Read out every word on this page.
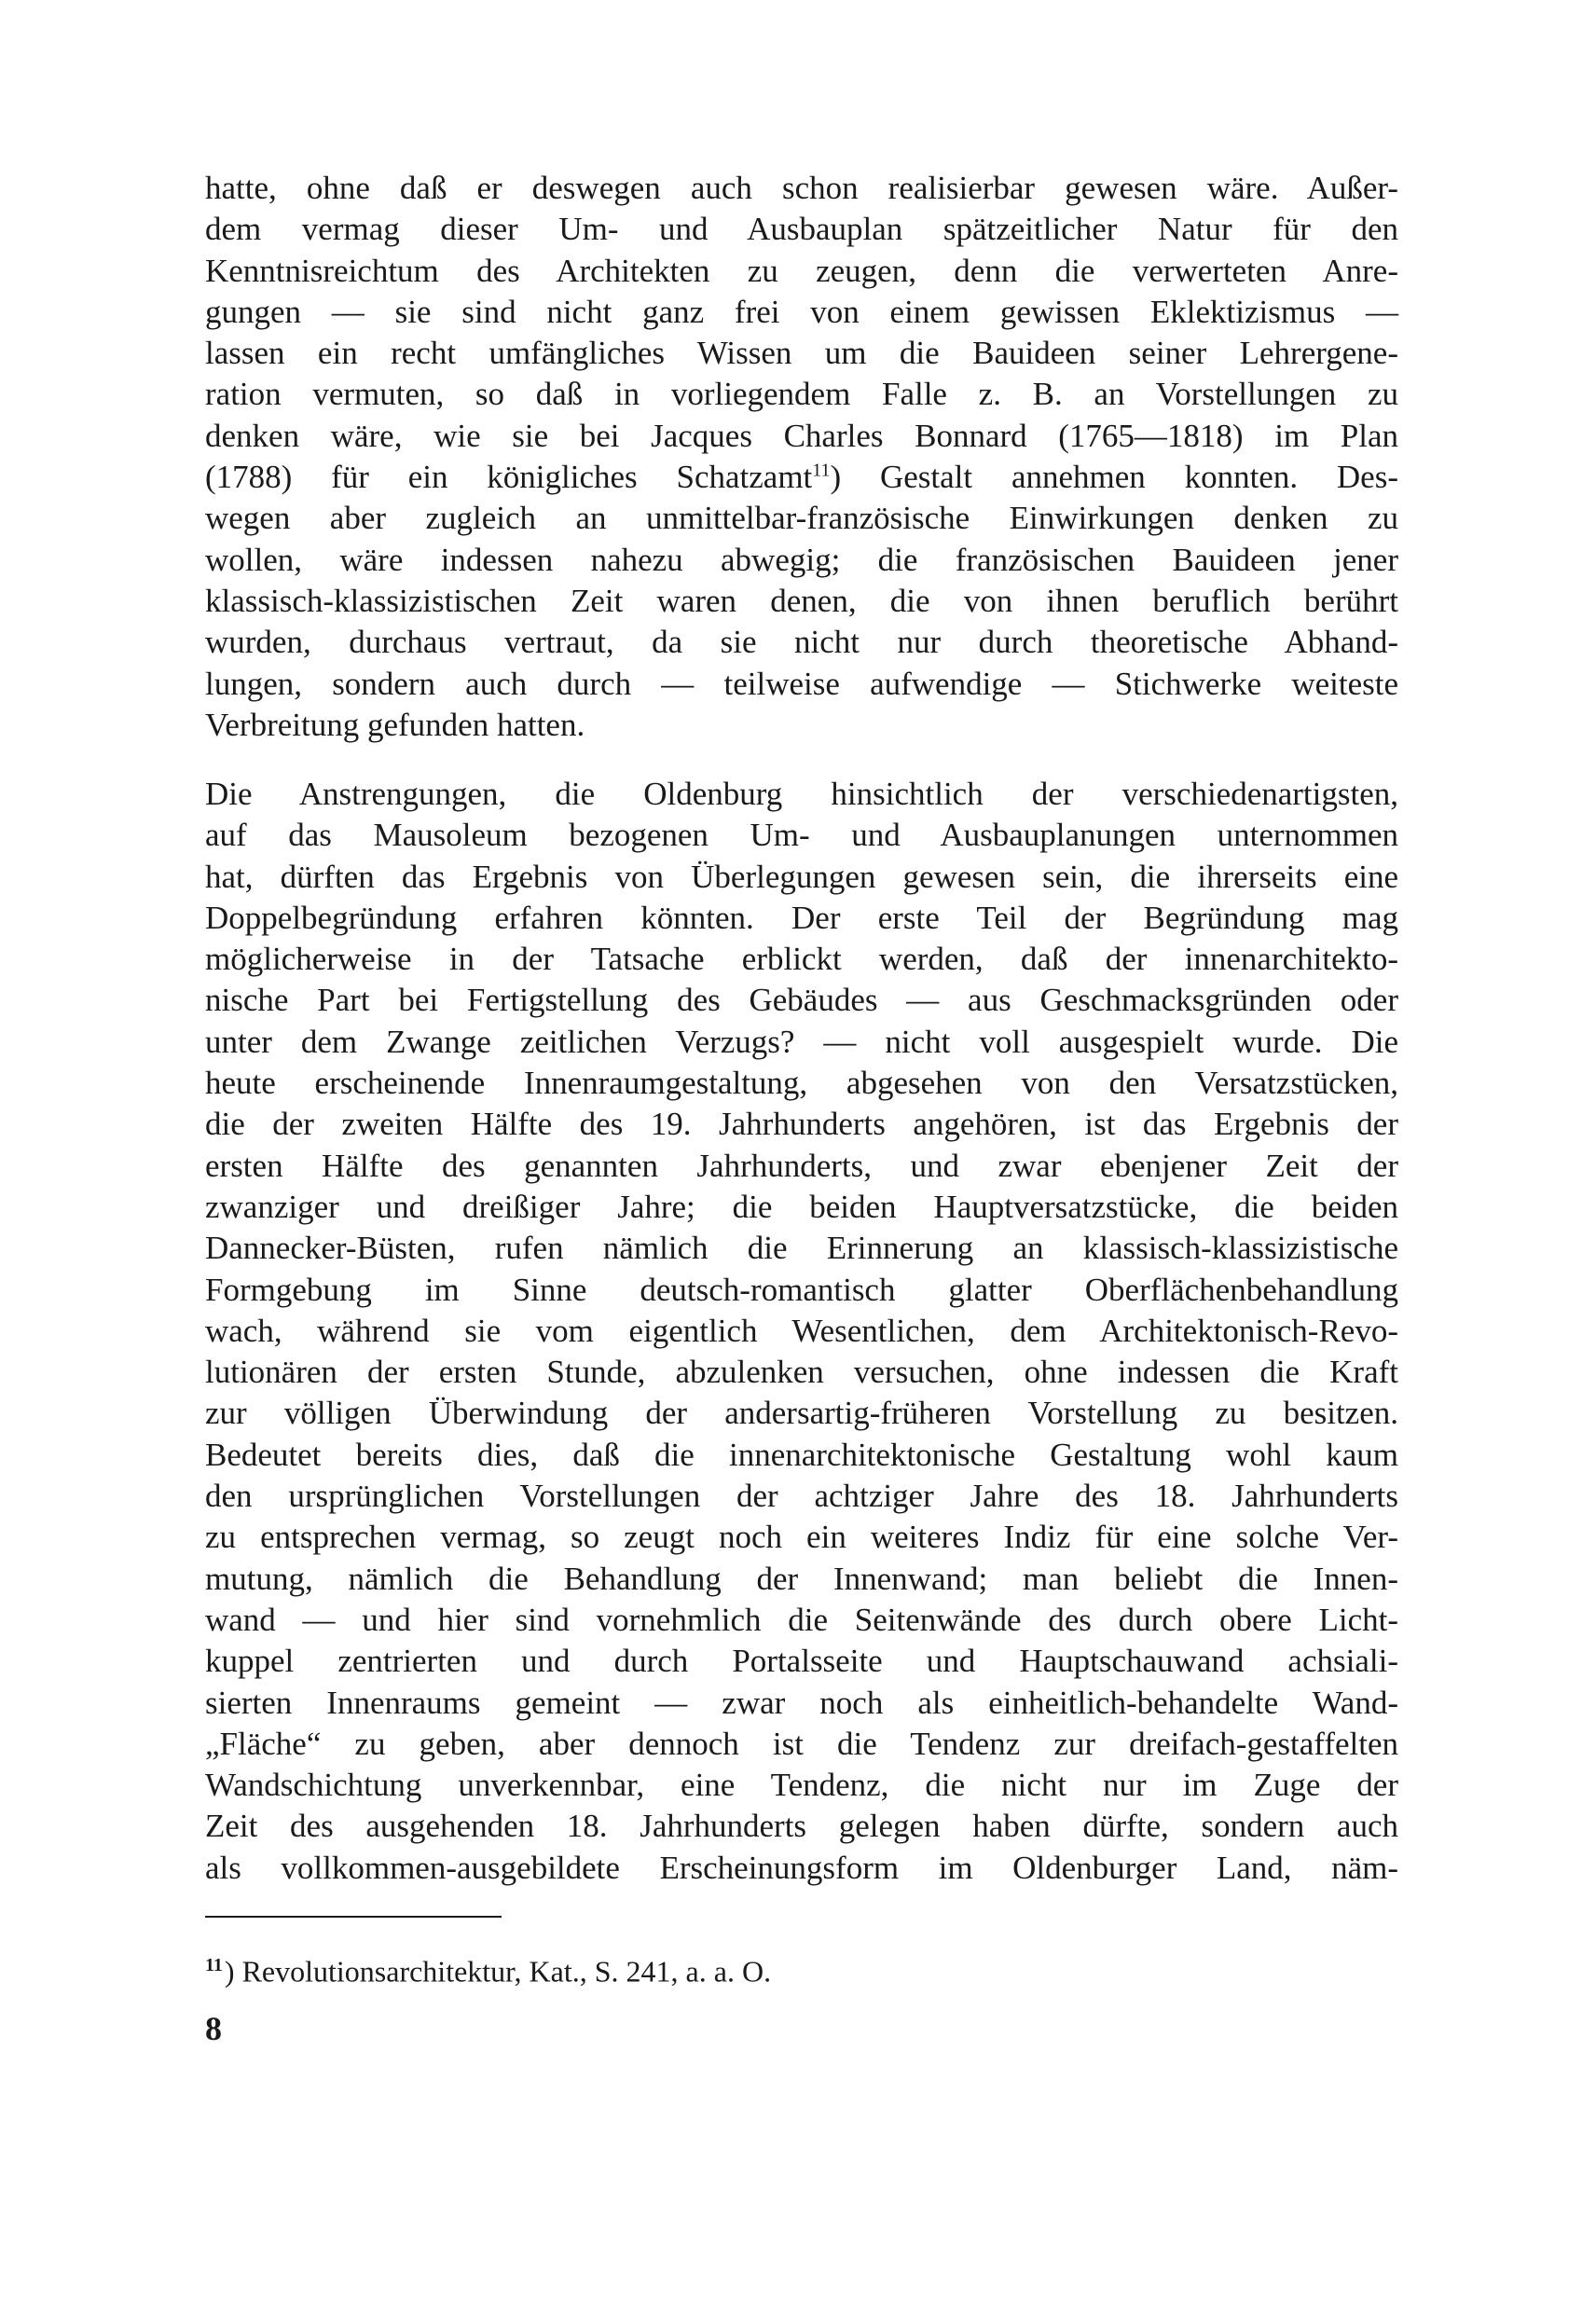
hatte, ohne daß er deswegen auch schon realisierbar gewesen wäre. Außer-
dem vermag dieser Um- und Ausbauplan spätzeitlicher Natur für den
Kenntnisreichtum des Architekten zu zeugen, denn die verwerteten Anre-
gungen — sie sind nicht ganz frei von einem gewissen Eklektizismus —
lassen ein recht umfängliches Wissen um die Bauideen seiner Lehrergene-
ration vermuten, so daß in vorliegendem Falle z. B. an Vorstellungen zu
denken wäre, wie sie bei Jacques Charles Bonnard (1765—1818) im Plan
(1788) für ein königliches Schatzamt$^{11}$) Gestalt annehmen konnten. Des-
wegen aber zugleich an unmittelbar-französische Einwirkungen denken zu
wollen, wäre indessen nahezu abwegig; die französischen Bauideen jener
klassisch-klassizistischen Zeit waren denen, die von ihnen beruflich berührt
wurden, durchaus vertraut, da sie nicht nur durch theoretische Abhand-
lungen, sondern auch durch — teilweise aufwendige — Stichwerke weiteste
Verbreitung gefunden hatten.
Die Anstrengungen, die Oldenburg hinsichtlich der verschiedenartigsten,
auf das Mausoleum bezogenen Um- und Ausbauplanungen unternommen
hat, dürften das Ergebnis von Überlegungen gewesen sein, die ihrerseits eine
Doppelbegründung erfahren könnten. Der erste Teil der Begründung mag
möglicherweise in der Tatsache erblickt werden, daß der innenarchitekto-
nische Part bei Fertigstellung des Gebäudes — aus Geschmacksgründen oder
unter dem Zwange zeitlichen Verzugs? — nicht voll ausgespielt wurde. Die
heute erscheinende Innenraumgestaltung, abgesehen von den Versatzstücken,
die der zweiten Hälfte des 19. Jahrhunderts angehören, ist das Ergebnis der
ersten Hälfte des genannten Jahrhunderts, und zwar ebenjener Zeit der
zwanziger und dreißiger Jahre; die beiden Hauptversatzstücke, die beiden
Dannecker-Büsten, rufen nämlich die Erinnerung an klassisch-klassizistische
Formgebung im Sinne deutsch-romantisch glatter Oberflächenbehandlung
wach, während sie vom eigentlich Wesentlichen, dem Architektonisch-Revo-
lutionären der ersten Stunde, abzulenken versuchen, ohne indessen die Kraft
zur völligen Überwindung der andersartig-früheren Vorstellung zu besitzen.
Bedeutet bereits dies, daß die innenarchitektonische Gestaltung wohl kaum
den ursprünglichen Vorstellungen der achtziger Jahre des 18. Jahrhunderts
zu entsprechen vermag, so zeugt noch ein weiteres Indiz für eine solche Ver-
mutung, nämlich die Behandlung der Innenwand; man beliebt die Innen-
wand — und hier sind vornehmlich die Seitenwände des durch obere Licht-
kuppel zentrierten und durch Portalsseite und Hauptschauwand achsiali-
sierten Innenraums gemeint — zwar noch als einheitlich-behandelte Wand-
„Fläche“ zu geben, aber dennoch ist die Tendenz zur dreifach-gestaffelten
Wandschichtung unverkennbar, eine Tendenz, die nicht nur im Zuge der
Zeit des ausgehenden 18. Jahrhunderts gelegen haben dürfte, sondern auch
als vollkommen-ausgebildete Erscheinungsform im Oldenburger Land, näm-
$^{11}$) Revolutionsarchitektur, Kat., S. 241, a. a. O.
8
